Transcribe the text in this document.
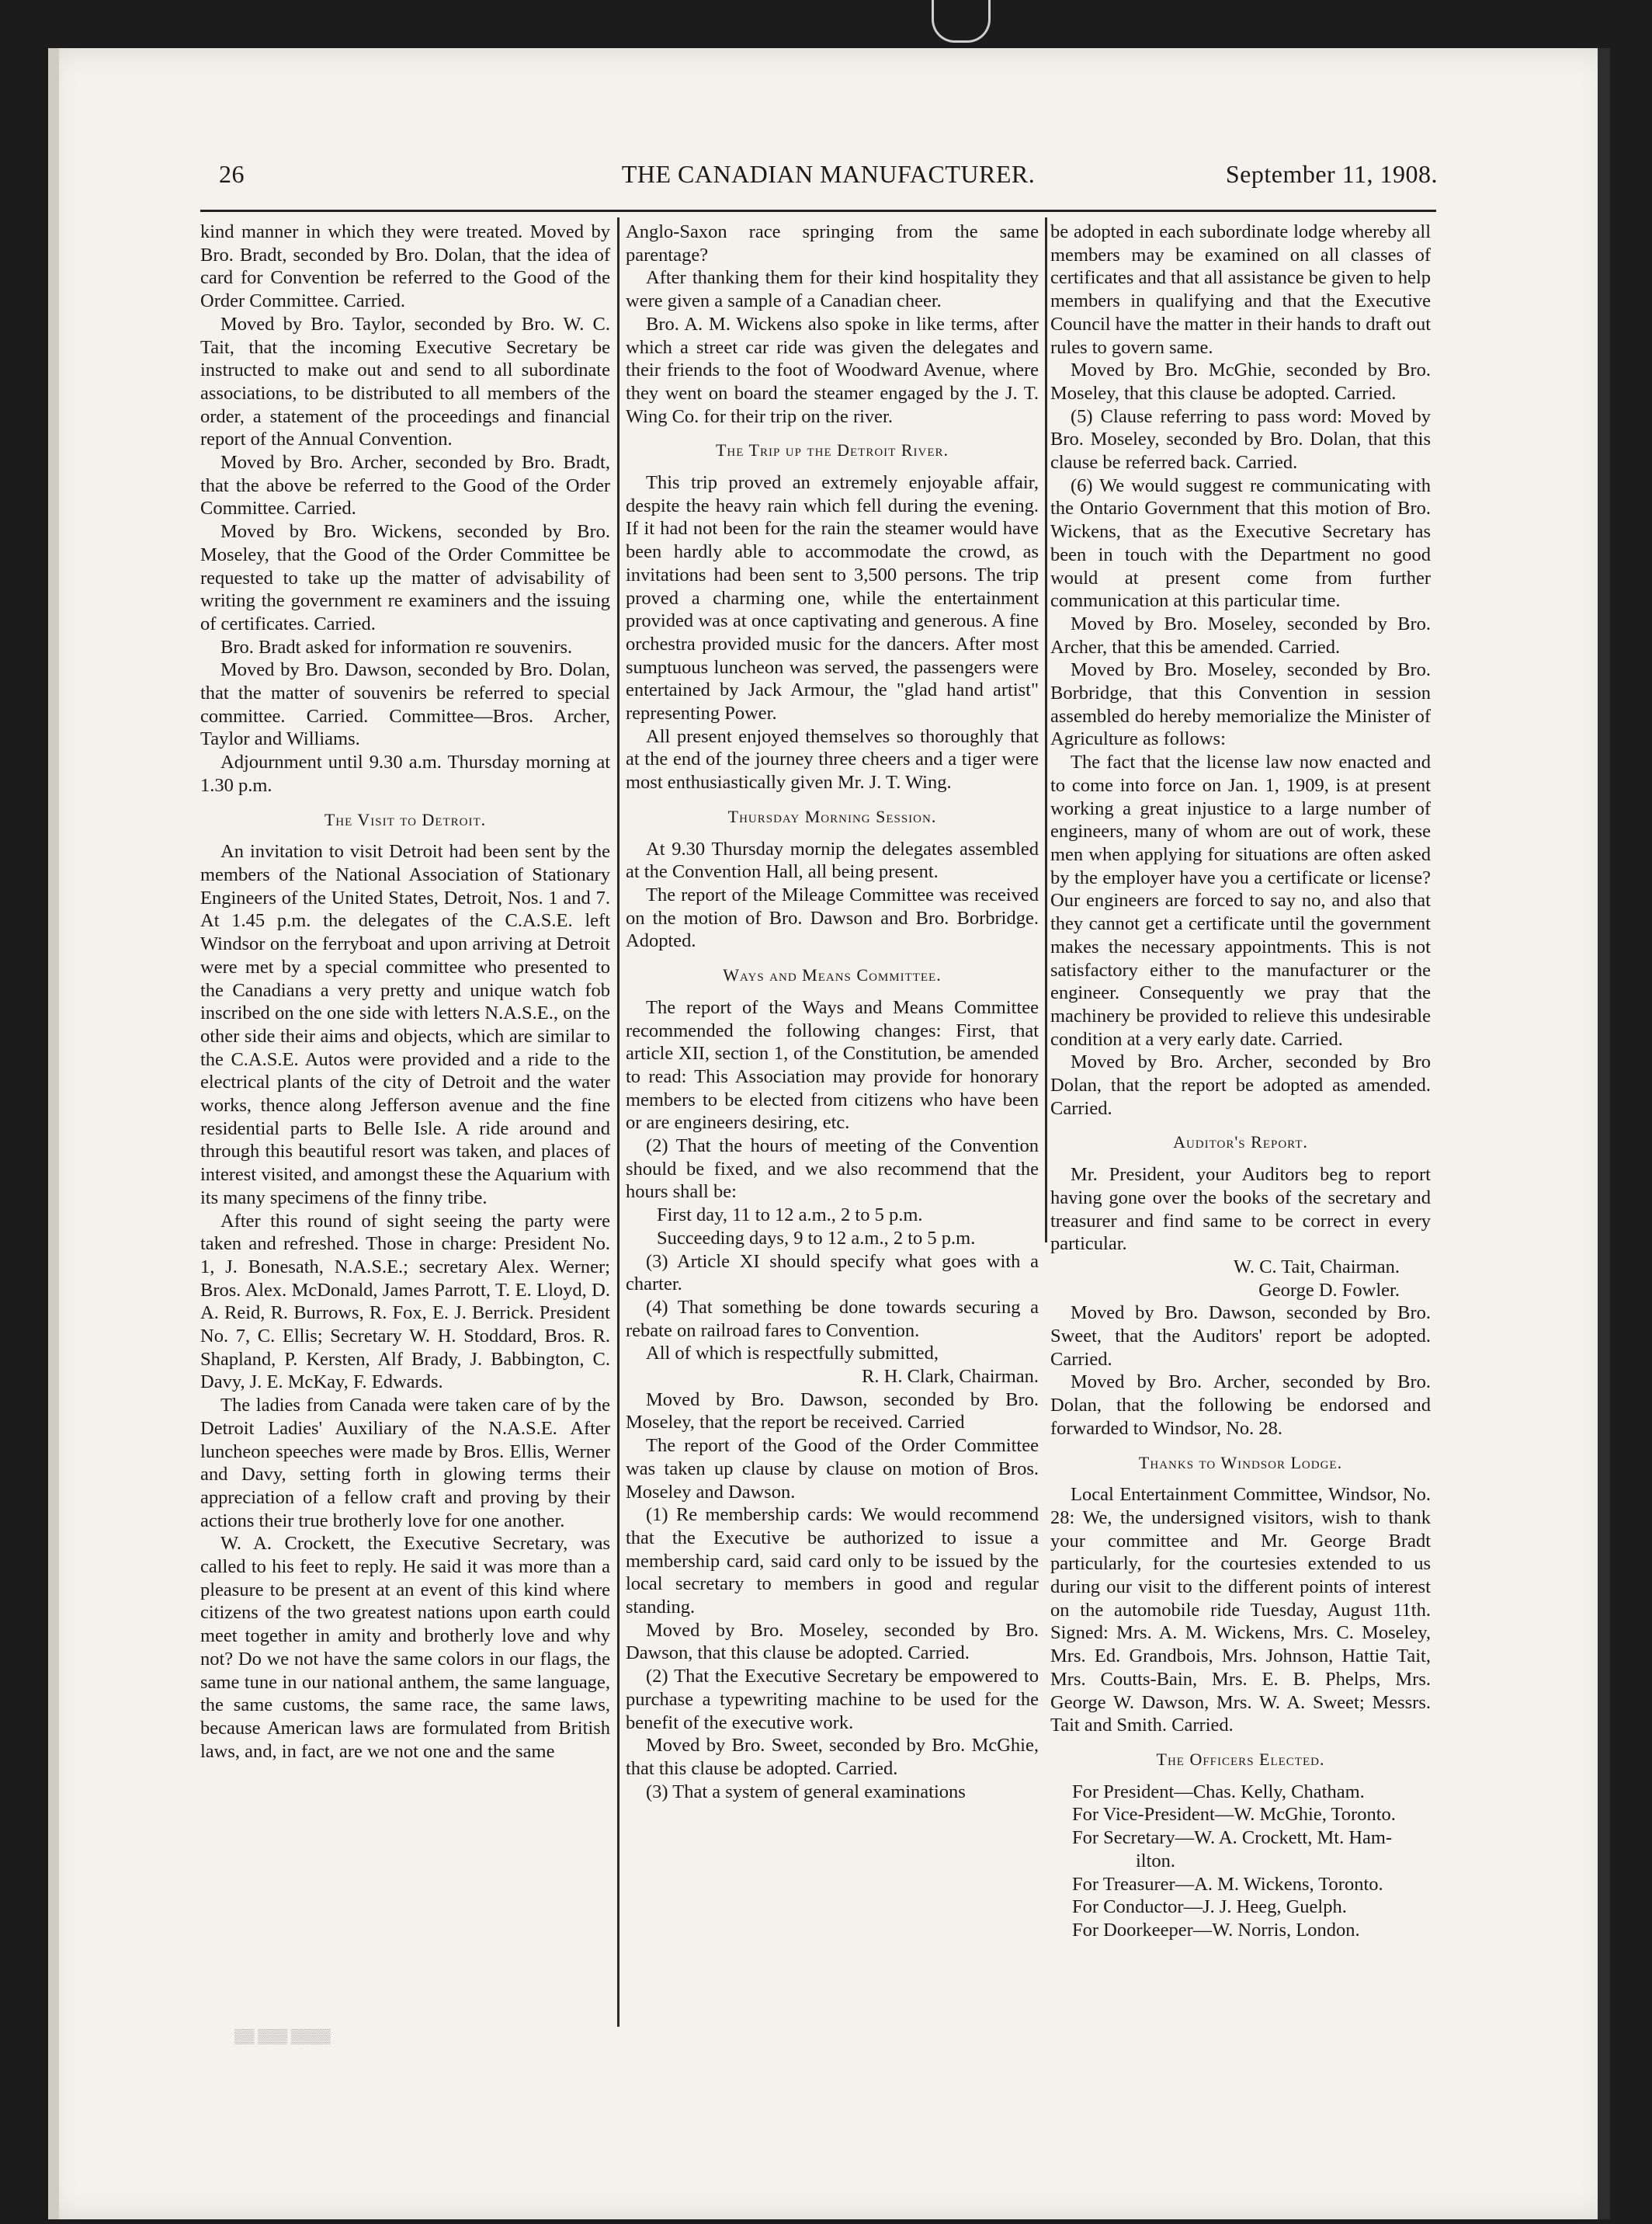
26	THE CANADIAN MANUFACTURER.	September 11, 1908.

kind manner in which they were treated. Moved by Bro. Bradt, seconded by Bro. Dolan, that the idea of card for Convention be referred to the Good of the Order Committee. Carried.

Moved by Bro. Taylor, seconded by Bro. W. C. Tait, that the incoming Executive Secretary be instructed to make out and send to all subordinate associations, to be distributed to all members of the order, a statement of the proceedings and financial report of the Annual Convention.

Moved by Bro. Archer, seconded by Bro. Bradt, that the above be referred to the Good of the Order Committee. Carried.

Moved by Bro. Wickens, seconded by Bro. Moseley, that the Good of the Order Committee be requested to take up the matter of advisability of writing the government re examiners and the issuing of certificates. Carried.

Bro. Bradt asked for information re souvenirs.

Moved by Bro. Dawson, seconded by Bro. Dolan, that the matter of souvenirs be referred to special committee. Carried. Committee—Bros. Archer, Taylor and Williams.

Adjournment until 9.30 a.m. Thursday morning at 1.30 p.m.

The Visit to Detroit.

An invitation to visit Detroit had been sent by the members of the National Association of Stationary Engineers of the United States, Detroit, Nos. 1 and 7. At 1.45 p.m. the delegates of the C.A.S.E. left Windsor on the ferryboat and upon arriving at Detroit were met by a special committee who presented to the Canadians a very pretty and unique watch fob inscribed on the one side with letters N.A.S.E., on the other side their aims and objects, which are similar to the C.A.S.E. Autos were provided and a ride to the electrical plants of the city of Detroit and the water works, thence along Jefferson avenue and the fine residential parts to Belle Isle. A ride around and through this beautiful resort was taken, and places of interest visited, and amongst these the Aquarium with its many specimens of the finny tribe.

After this round of sight seeing the party were taken and refreshed. Those in charge: President No. 1, J. Bonesath, N.A.S.E.; secretary Alex. Werner; Bros. Alex. McDonald, James Parrott, T. E. Lloyd, D. A. Reid, R. Burrows, R. Fox, E. J. Berrick. President No. 7, C. Ellis; Secretary W. H. Stoddard, Bros. R. Shapland, P. Kersten, Alf Brady, J. Babbington, C. Davy, J. E. McKay, F. Edwards.

The ladies from Canada were taken care of by the Detroit Ladies' Auxiliary of the N.A.S.E. After luncheon speeches were made by Bros. Ellis, Werner and Davy, setting forth in glowing terms their appreciation of a fellow craft and proving by their actions their true brotherly love for one another.

W. A. Crockett, the Executive Secretary, was called to his feet to reply. He said it was more than a pleasure to be present at an event of this kind where citizens of the two greatest nations upon earth could meet together in amity and brotherly love and why not? Do we not have the same colors in our flags, the same tune in our national anthem, the same language, the same customs, the same race, the same laws, because American laws are formulated from British laws, and, in fact, are we not one and the same

Anglo-Saxon race springing from the same parentage?

After thanking them for their kind hospitality they were given a sample of a Canadian cheer.

Bro. A. M. Wickens also spoke in like terms, after which a street car ride was given the delegates and their friends to the foot of Woodward Avenue, where they went on board the steamer engaged by the J. T. Wing Co. for their trip on the river.

The Trip up the Detroit River.

This trip proved an extremely enjoyable affair, despite the heavy rain which fell during the evening. If it had not been for the rain the steamer would have been hardly able to accommodate the crowd, as invitations had been sent to 3,500 persons. The trip proved a charming one, while the entertainment provided was at once captivating and generous. A fine orchestra provided music for the dancers. After most sumptuous luncheon was served, the passengers were entertained by Jack Armour, the "glad hand artist" representing Power.

All present enjoyed themselves so thoroughly that at the end of the journey three cheers and a tiger were most enthusiastically given Mr. J. T. Wing.

Thursday Morning Session.

At 9.30 Thursday mornip the delegates assembled at the Convention Hall, all being present.

The report of the Mileage Committee was received on the motion of Bro. Dawson and Bro. Borbridge. Adopted.

Ways and Means Committee.

The report of the Ways and Means Committee recommended the following changes: First, that article XII, section 1, of the Constitution, be amended to read: This Association may provide for honorary members to be elected from citizens who have been or are engineers desiring, etc.

(2) That the hours of meeting of the Convention should be fixed, and we also recommend that the hours shall be:

First day, 11 to 12 a.m., 2 to 5 p.m.

Succeeding days, 9 to 12 a.m., 2 to 5 p.m.

(3) Article XI should specify what goes with a charter.

(4) That something be done towards securing a rebate on railroad fares to Convention.

All of which is respectfully submitted,

R. H. Clark, Chairman.

Moved by Bro. Dawson, seconded by Bro. Moseley, that the report be received. Carried

The report of the Good of the Order Committee was taken up clause by clause on motion of Bros. Moseley and Dawson.

(1) Re membership cards: We would recommend that the Executive be authorized to issue a membership card, said card only to be issued by the local secretary to members in good and regular standing.

Moved by Bro. Moseley, seconded by Bro. Dawson, that this clause be adopted. Carried.

(2) That the Executive Secretary be empowered to purchase a typewriting machine to be used for the benefit of the executive work.

Moved by Bro. Sweet, seconded by Bro. McGhie, that this clause be adopted. Carried.

(3) That a system of general examinations

be adopted in each subordinate lodge whereby all members may be examined on all classes of certificates and that all assistance be given to help members in qualifying and that the Executive Council have the matter in their hands to draft out rules to govern same.

Moved by Bro. McGhie, seconded by Bro. Moseley, that this clause be adopted. Carried.

(5) Clause referring to pass word: Moved by Bro. Moseley, seconded by Bro. Dolan, that this clause be referred back. Carried.

(6) We would suggest re communicating with the Ontario Government that this motion of Bro. Wickens, that as the Executive Secretary has been in touch with the Department no good would at present come from further communication at this particular time.

Moved by Bro. Moseley, seconded by Bro. Archer, that this be amended. Carried.

Moved by Bro. Moseley, seconded by Bro. Borbridge, that this Convention in session assembled do hereby memorialize the Minister of Agriculture as follows:

The fact that the license law now enacted and to come into force on Jan. 1, 1909, is at present working a great injustice to a large number of engineers, many of whom are out of work, these men when applying for situations are often asked by the employer have you a certificate or license? Our engineers are forced to say no, and also that they cannot get a certificate until the government makes the necessary appointments. This is not satisfactory either to the manufacturer or the engineer. Consequently we pray that the machinery be provided to relieve this undesirable condition at a very early date. Carried.

Moved by Bro. Archer, seconded by Bro Dolan, that the report be adopted as amended. Carried.

Auditor's Report.

Mr. President, your Auditors beg to report having gone over the books of the secretary and treasurer and find same to be correct in every particular.

W. C. Tait, Chairman.

George D. Fowler.

Moved by Bro. Dawson, seconded by Bro. Sweet, that the Auditors' report be adopted. Carried.

Moved by Bro. Archer, seconded by Bro. Dolan, that the following be endorsed and forwarded to Windsor, No. 28.

Thanks to Windsor Lodge.

Local Entertainment Committee, Windsor, No. 28: We, the undersigned visitors, wish to thank your committee and Mr. George Bradt particularly, for the courtesies extended to us during our visit to the different points of interest on the automobile ride Tuesday, August 11th. Signed: Mrs. A. M. Wickens, Mrs. C. Moseley, Mrs. Ed. Grandbois, Mrs. Johnson, Hattie Tait, Mrs. Coutts-Bain, Mrs. E. B. Phelps, Mrs. George W. Dawson, Mrs. W. A. Sweet; Messrs. Tait and Smith. Carried.

The Officers Elected.

For President—Chas. Kelly, Chatham.

For Vice-President—W. McGhie, Toronto.

For Secretary—W. A. Crockett, Mt. Ham-

ilton.

For Treasurer—A. M. Wickens, Toronto.

For Conductor—J. J. Heeg, Guelph.

For Doorkeeper—W. Norris, London.

▒▒ ▒▒▒ ▒▒▒▒
